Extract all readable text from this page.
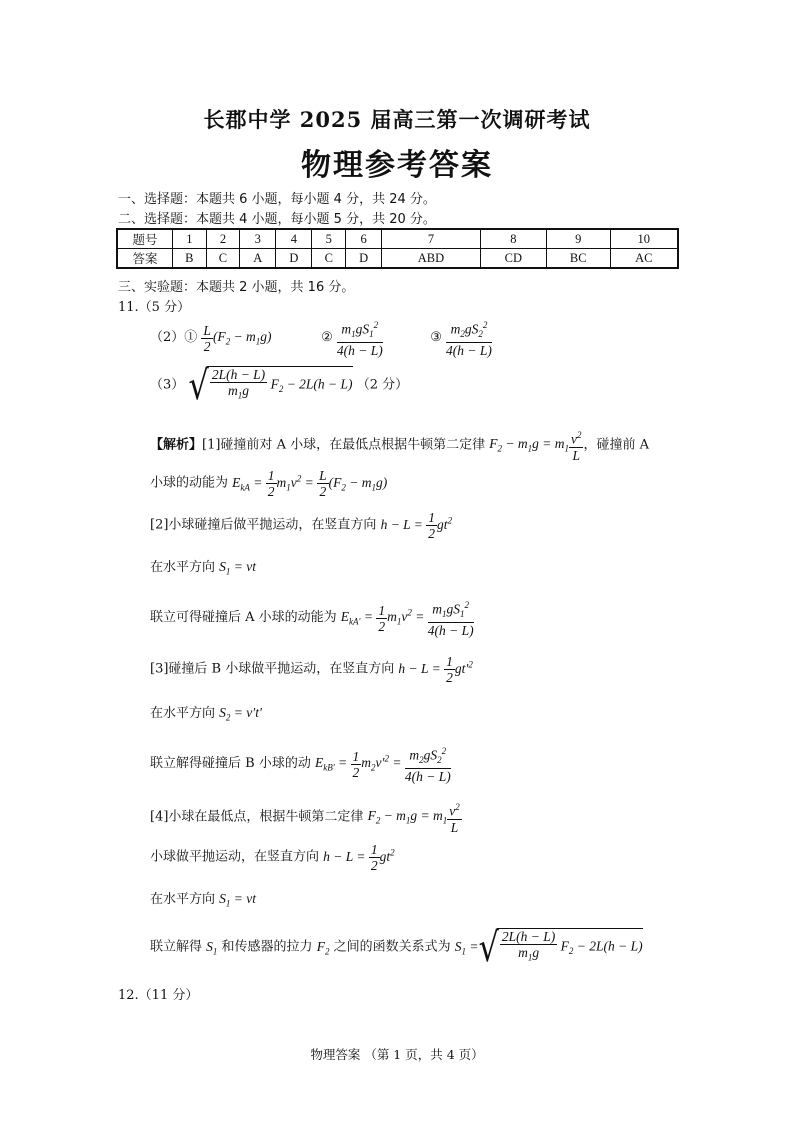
长郡中学 2025 届高三第一次调研考试
物理参考答案
一、选择题：本题共 6 小题，每小题 4 分，共 24 分。
二、选择题：本题共 4 小题，每小题 5 分，共 20 分。
题号	1	2	3	4	5	6	7	8	9	10
答案	B	C	A	D	C	D	ABD	CD	BC	AC
三、实验题：本题共 2 小题，共 16 分。
11.（5 分）
（2）① $\frac{L}{2} (F_2 - m_1g)$	② $\frac{m_1gS_1^2}{4(h - L)}$	③ $\frac{m_2gS_2^2}{4(h - L)}$
（3） √ $\frac{2L(h - L)}{m_1g} F_2 - 2L(h - L)$ （2 分）
【解析】[1]碰撞前对 A 小球，在最低点根据牛顿第二定律 $F_2 - m_1g = m_1 \frac{v^2}{L}$ ，碰撞前 A
小球的动能为 $E_{kA} = \frac{1}{2} m_1v^2 = \frac{L}{2} (F_2 - m_1g)$
[2]小球碰撞后做平抛运动，在竖直方向 $h - L = \frac{1}{2} gt^2$
在水平方向 $S_1$ = vt
联立可得碰撞后 A 小球的动能为 $E_{kA'} = \frac{1}{2} m_1v^2 = \frac{m_1gS_1^2}{4(h - L)}$
[3]碰撞后 B 小球做平抛运动，在竖直方向 $h - L = \frac{1}{2} gt'^2$
在水平方向 $S_2 = v't'$
联立解得碰撞后 B 小球的动 $E_{kB'} = \frac{1}{2} m_2v'^2 = \frac{m_2gS_2^2}{4(h - L)}$
[4]小球在最低点，根据牛顿第二定律 $F_2 - m_1g = m_1 \frac{v^2}{L}$
小球做平抛运动，在竖直方向 $h - L = \frac{1}{2} gt^2$
在水平方向 $S_1$ = vt
联立解得 $S_1$ 和传感器的拉力 $F_2$ 之间的函数关系式为 $S_1$ =√ $\frac{2L(h - L)}{m_1g} F_2 - 2L(h - L)$
12.（11 分）
物理答案 （第 1 页，共 4 页）
